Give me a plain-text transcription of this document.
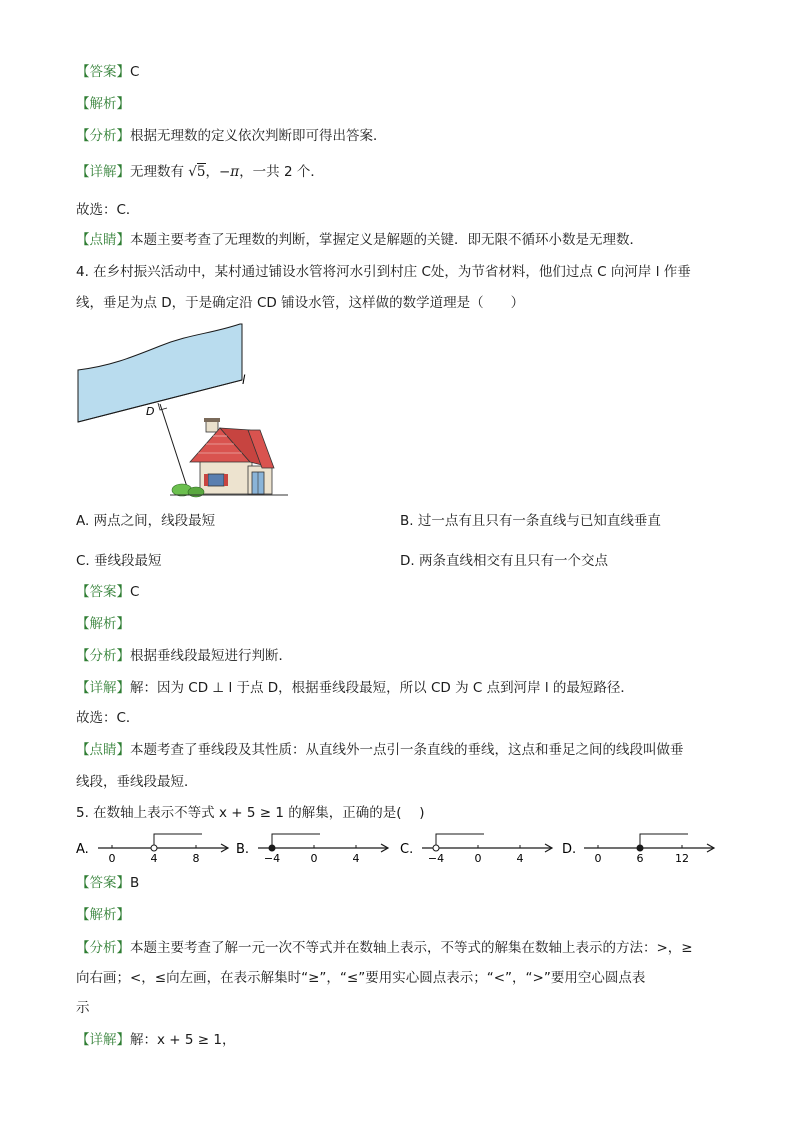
【答案】C
【解析】
【分析】根据无理数的定义依次判断即可得出答案．
【详解】无理数有 √5，−π，一共 2 个．
故选：C．
【点睛】本题主要考查了无理数的判断，掌握定义是解题的关键．即无限不循环小数是无理数．
4. 在乡村振兴活动中，某村通过铺设水管将河水引到村庄 C处，为节省材料，他们过点 C 向河岸 l 作垂
线，垂足为点 D，于是确定沿 CD 铺设水管，这样做的数学道理是（　　）
l
D
A. 两点之间，线段最短	B. 过一点有且只有一条直线与已知直线垂直
C. 垂线段最短	D. 两条直线相交有且只有一个交点
【答案】C
【解析】
【分析】根据垂线段最短进行判断．
【详解】解：因为 CD ⊥ l 于点 D，根据垂线段最短，所以 CD 为 C 点到河岸 l 的最短路径．
故选：C．
【点睛】本题考查了垂线段及其性质：从直线外一点引一条直线的垂线，这点和垂足之间的线段叫做垂
线段，垂线段最短．
5. 在数轴上表示不等式 x + 5 ≥ 1 的解集，正确的是(　 )
A.
0	4	8
B.
−4	0	4
C.
−4	0	4
D.
0	6	12
【答案】B
【解析】
【分析】本题主要考查了解一元一次不等式并在数轴上表示，不等式的解集在数轴上表示的方法：>，≥
向右画；<，≤向左画，在表示解集时“≥”，“≤”要用实心圆点表示；“<”，“>”要用空心圆点表
示
【详解】解：x + 5 ≥ 1，
